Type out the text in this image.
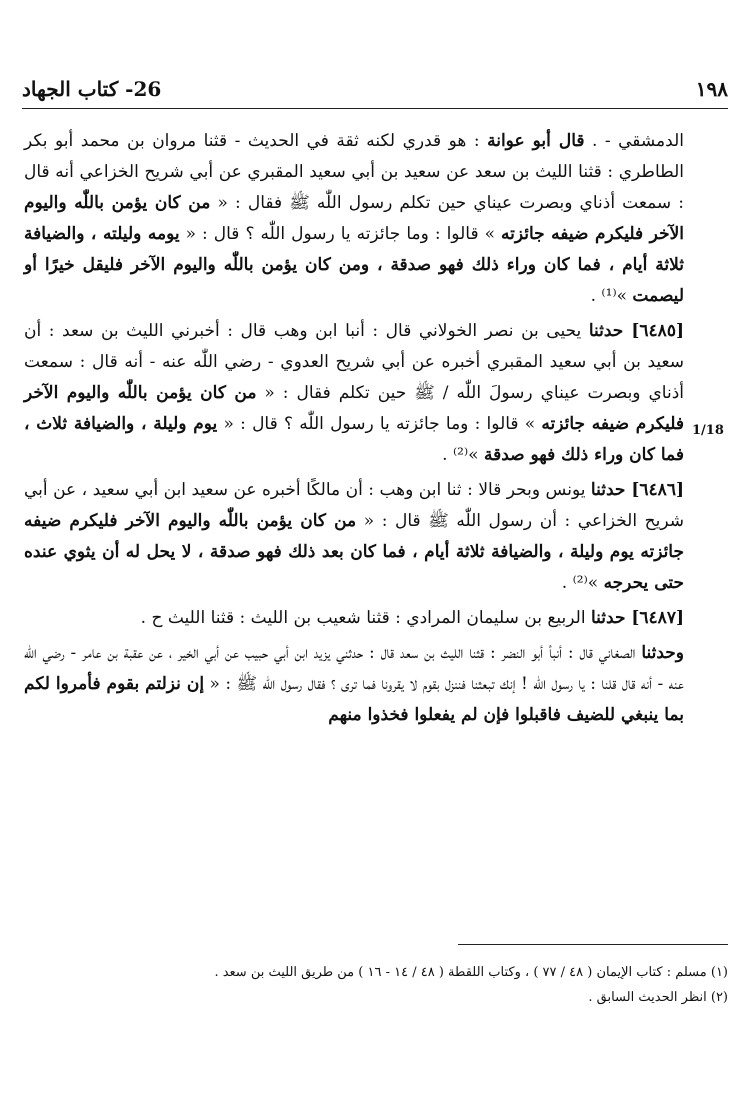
١٩٨
26- كتاب الجهاد
1/18

الدمشقي - . قال أبو عوانة : هو قدري لكنه ثقة في الحديث - قثنا مروان بن محمد أبو بكر الطاطري : قثنا الليث بن سعد عن سعيد بن أبي سعيد المقبري عن أبي شريح الخزاعي أنه قال : سمعت أذناي وبصرت عيناي حين تكلم رسول اللّٰه ﷺ فقال : « من كان يؤمن باللّٰه واليوم الآخر فليكرم ضيفه جائزته » قالوا : وما جائزته يا رسول اللّٰه ؟ قال : « يومه وليلته ، والضيافة ثلاثة أيام ، فما كان وراء ذلك فهو صدقة ، ومن كان يؤمن باللّٰه واليوم الآخر فليقل خيرًا أو ليصمت »⁽¹⁾ .

[٦٤٨٥] حدثنا يحيى بن نصر الخولاني قال : أنبا ابن وهب قال : أخبرني الليث بن سعد : أن سعيد بن أبي سعيد المقبري أخبره عن أبي شريح العدوي - رضي اللّٰه عنه - أنه قال : سمعت أذناي وبصرت عيناي رسولَ اللّٰه / ﷺ حين تكلم فقال : « من كان يؤمن باللّٰه واليوم الآخر فليكرم ضيفه جائزته » قالوا : وما جائزته يا رسول اللّٰه ؟ قال : « يوم وليلة ، والضيافة ثلاث ، فما كان وراء ذلك فهو صدقة »⁽²⁾ .

[٦٤٨٦] حدثنا يونس وبحر قالا : ثنا ابن وهب : أن مالكًا أخبره عن سعيد ابن أبي سعيد ، عن أبي شريح الخزاعي : أن رسول اللّٰه ﷺ قال : « من كان يؤمن باللّٰه واليوم الآخر فليكرم ضيفه جائزته يوم وليلة ، والضيافة ثلاثة أيام ، فما كان بعد ذلك فهو صدقة ، لا يحل له أن يثوي عنده حتى يحرجه »⁽²⁾ .

[٦٤٨٧] حدثنا الربيع بن سليمان المرادي : قثنا شعيب بن الليث : قثنا الليث ح .

وحدثنا الصغاني قال : أنبأ أبو النضر : قثنا الليث بن سعد قال : حدثني يزيد ابن أبي حبيب عن أبي الخير ، عن عقبة بن عامر - رضي اللّٰه عنه - أنه قال قلنا : يا رسول اللّٰه ! إنك تبعثنا فننزل بقوم لا يقرونا فما ترى ؟ فقال رسول اللّٰه ﷺ : « إن نزلتم بقوم فأمروا لكم بما ينبغي للضيف فاقبلوا فإن لم يفعلوا فخذوا منهم

(١) مسلم : كتاب الإيمان ( ٤٨ / ٧٧ ) ، وكتاب اللقطة ( ٤٨ / ١٤ - ١٦ ) من طريق الليث بن سعد .

(٢) انظر الحديث السابق .
